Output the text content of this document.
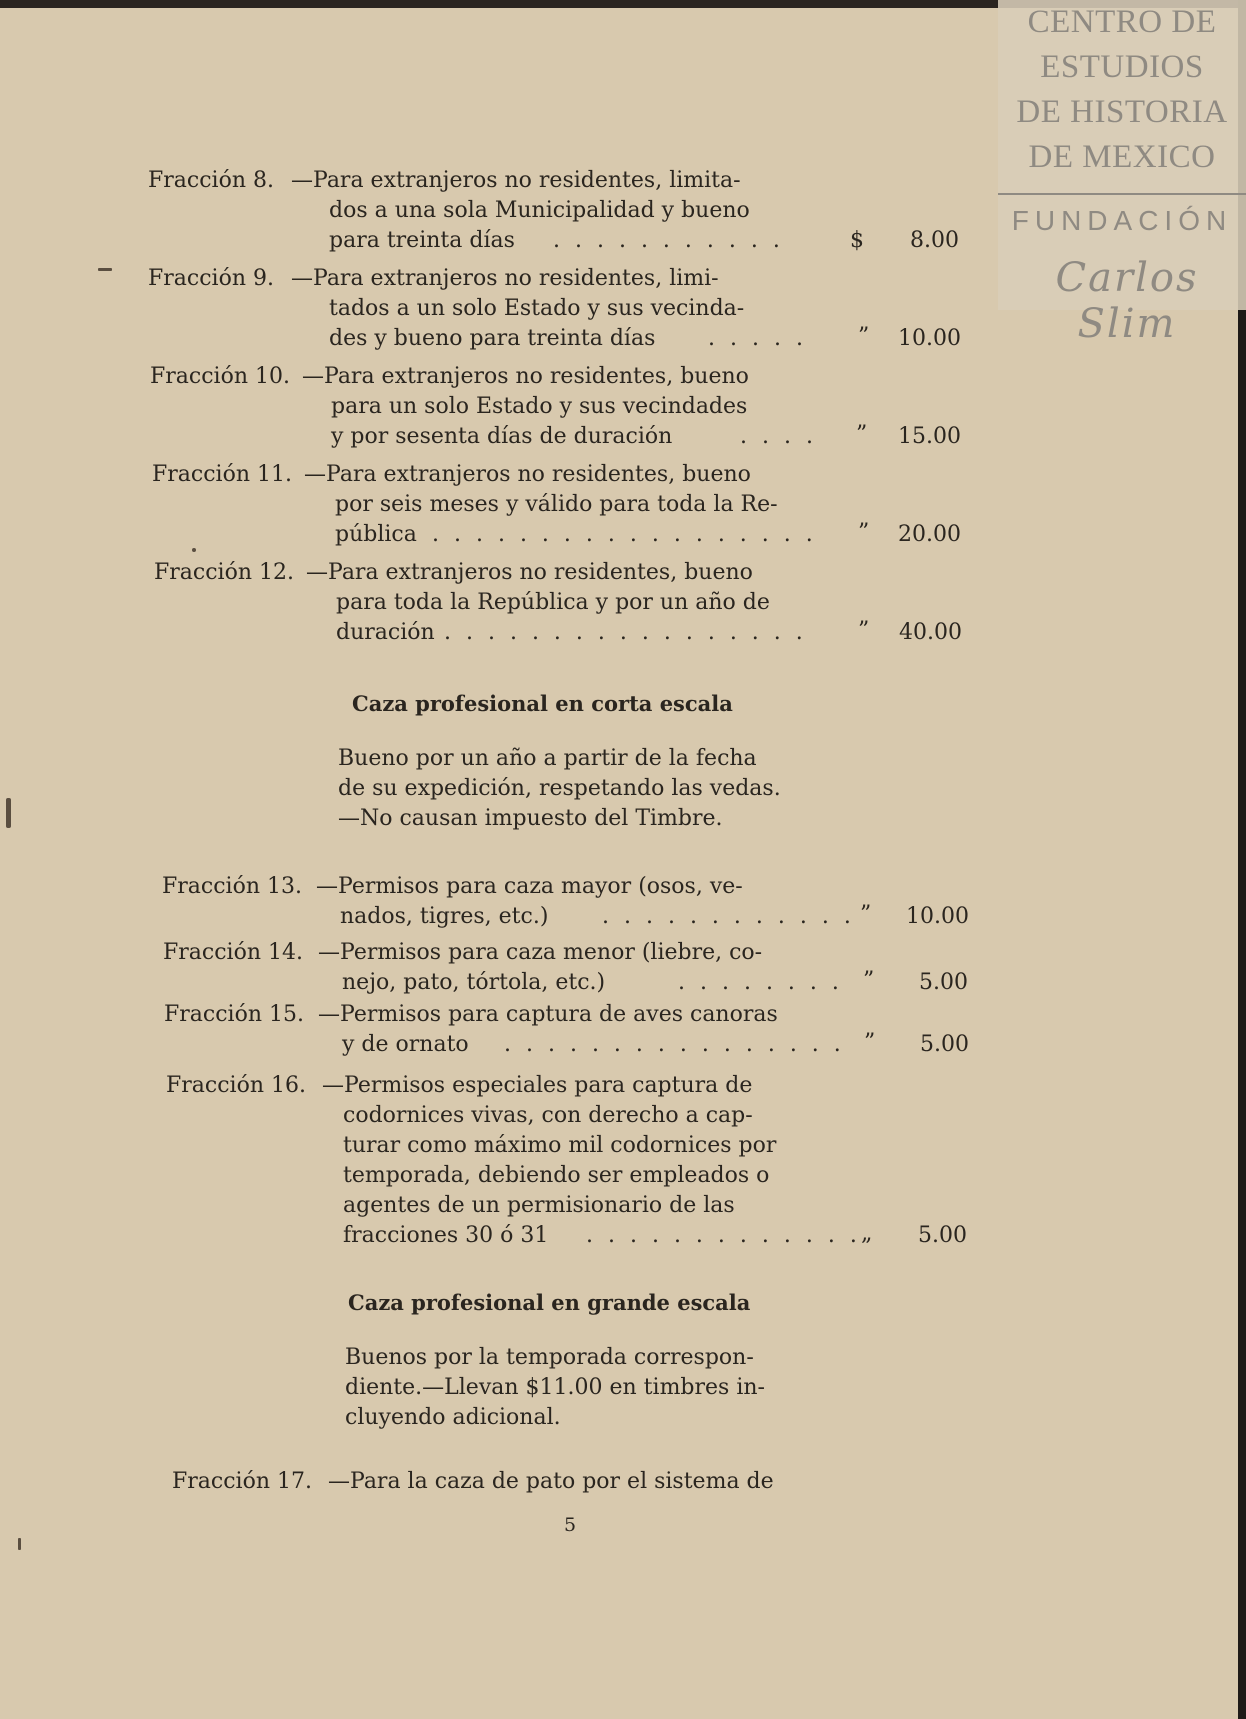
Fracción 8. —Para extranjeros no residentes, limita-
dos a una sola Municipalidad y bueno
para treinta días . . . . . . . . . . .	$ 8.00
Fracción 9. —Para extranjeros no residentes, limi-
tados a un solo Estado y sus vecinda-
des y bueno para treinta días . . . . . ” 10.00
Fracción 10. —Para extranjeros no residentes, bueno
para un solo Estado y sus vecindades
y por sesenta días de duración	. . . . ” 15.00
Fracción 11. —Para extranjeros no residentes, bueno
por seis meses y válido para toda la Re-
pública . . . . . . . . . . . . . . . . . . ” 20.00
Fracción 12. —Para extranjeros no residentes, bueno
para toda la República y por un año de
duración . . . . . . . . . . . . . . . . . ” 40.00
Caza profesional en corta escala
Bueno por un año a partir de la fecha
de su expedición, respetando las vedas.
—No causan impuesto del Timbre.
Fracción 13. —Permisos para caza mayor (osos, ve-
nados, tigres, etc.) . . . . . . . . . . . . ” 10.00
Fracción 14. —Permisos para caza menor (liebre, co-
nejo, pato, tórtola, etc.)	. . . . . . . . ” 5.00
Fracción 15. —Permisos para captura de aves canoras
y de ornato . . . . . . . . . . . . . . . . ” 5.00
Fracción 16. —Permisos especiales para captura de
codornices vivas, con derecho a cap-
turar como máximo mil codornices por
temporada, debiendo ser empleados o
agentes de un permisionario de las
fracciones 30 ó 31 . . . . . . . . . . . . . „ 5.00
Caza profesional en grande escala
Buenos por la temporada correspon-
diente.—Llevan $11.00 en timbres in-
cluyendo adicional.
Fracción 17. —Para la caza de pato por el sistema de
5
CENTRO DE
ESTUDIOS
DE HISTORIA
DE MEXICO
FUNDACIÓN
Carlos Slim
